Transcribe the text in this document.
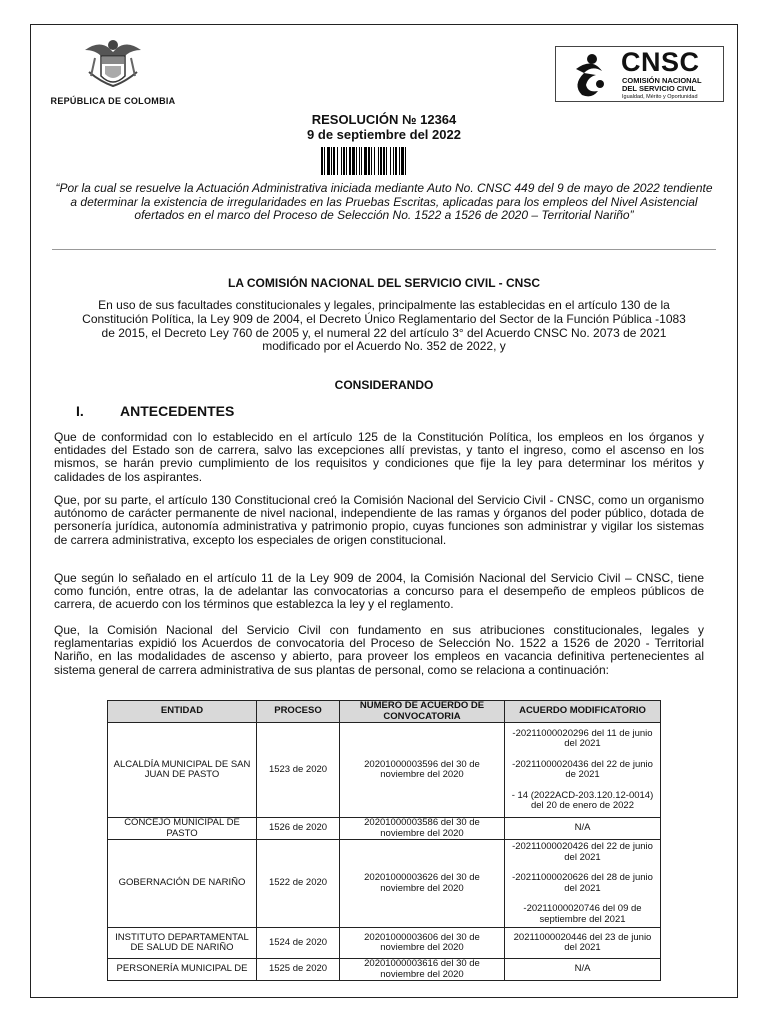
REPÚBLICA DE COLOMBIA
CNSC
COMISIÓN NACIONAL
DEL SERVICIO CIVIL
Igualdad, Mérito y Oportunidad
RESOLUCIÓN № 12364
9 de septiembre del 2022
“Por la cual se resuelve la Actuación Administrativa iniciada mediante Auto No. CNSC 449 del 9 de mayo de 2022 tendiente a determinar la existencia de irregularidades en las Pruebas Escritas, aplicadas para los empleos del Nivel Asistencial ofertados en el marco del Proceso de Selección No. 1522 a 1526 de 2020 – Territorial Nariño”
LA COMISIÓN NACIONAL DEL SERVICIO CIVIL - CNSC
En uso de sus facultades constitucionales y legales, principalmente las establecidas en el artículo 130 de la Constitución Política, la Ley 909 de 2004, el Decreto Único Reglamentario del Sector de la Función Pública -1083 de 2015, el Decreto Ley 760 de 2005 y, el numeral 22 del artículo 3° del Acuerdo CNSC No. 2073 de 2021 modificado por el Acuerdo No. 352 de 2022, y
CONSIDERANDO
I.	ANTECEDENTES
Que de conformidad con lo establecido en el artículo 125 de la Constitución Política, los empleos en los órganos y entidades del Estado son de carrera, salvo las excepciones allí previstas, y tanto el ingreso, como el ascenso en los mismos, se harán previo cumplimiento de los requisitos y condiciones que fije la ley para determinar los méritos y calidades de los aspirantes.
Que, por su parte, el artículo 130 Constitucional creó la Comisión Nacional del Servicio Civil - CNSC, como un organismo autónomo de carácter permanente de nivel nacional, independiente de las ramas y órganos del poder público, dotada de personería jurídica, autonomía administrativa y patrimonio propio, cuyas funciones son administrar y vigilar los sistemas de carrera administrativa, excepto los especiales de origen constitucional.
Que según lo señalado en el artículo 11 de la Ley 909 de 2004, la Comisión Nacional del Servicio Civil – CNSC, tiene como función, entre otras, la de adelantar las convocatorias a concurso para el desempeño de empleos públicos de carrera, de acuerdo con los términos que establezca la ley y el reglamento.
Que, la Comisión Nacional del Servicio Civil con fundamento en sus atribuciones constitucionales, legales y reglamentarias expidió los Acuerdos de convocatoria del Proceso de Selección No. 1522 a 1526 de 2020 - Territorial Nariño, en las modalidades de ascenso y abierto, para proveer los empleos en vacancia definitiva pertenecientes al sistema general de carrera administrativa de sus plantas de personal, como se relaciona a continuación:
ENTIDAD	PROCESO	NUMERO DE ACUERDO DE CONVOCATORIA	ACUERDO MODIFICATORIO
ALCALDÍA MUNICIPAL DE SAN JUAN DE PASTO	1523 de 2020	20201000003596 del 30 de noviembre del 2020	-20211000020296 del 11 de junio del 2021
-20211000020436 del 22 de junio de 2021
- 14 (2022ACD-203.120.12-0014) del 20 de enero de 2022

CONCEJO MUNICIPAL DE PASTO	1526 de 2020	20201000003586 del 30 de noviembre del 2020	N/A
GOBERNACIÓN DE NARIÑO	1522 de 2020	20201000003626 del 30 de noviembre del 2020	-20211000020426 del 22 de junio del 2021
-20211000020626 del 28 de junio del 2021
-20211000020746 del 09 de septiembre del 2021

INSTITUTO DEPARTAMENTAL DE SALUD DE NARIÑO	1524 de 2020	20201000003606 del 30 de noviembre del 2020	20211000020446 del 23 de junio del 2021
PERSONERÍA MUNICIPAL DE	1525 de 2020	20201000003616 del 30 de noviembre del 2020	N/A
